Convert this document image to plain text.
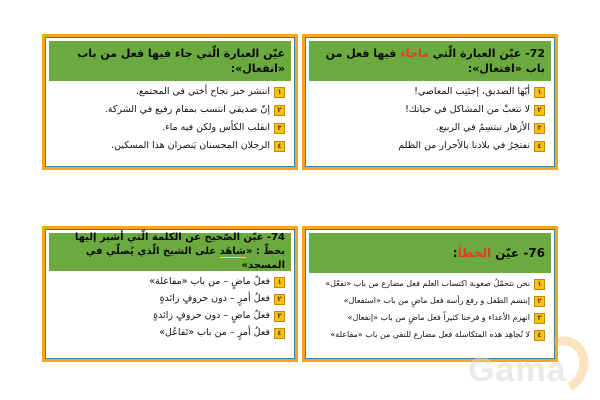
72- عيّن العبارة الّتي ماجاء فيها فعل من باب «افتعال»:
١
أيّها الصديق، إجتَنِب المعاصي!
٢
لا تتعبْ من المشاكل في حياتك!
٣
الأزهار تبتسِمُ في الربيع.
٤
نفتخِرُ في بلادنا بالأحرار من الظلم
عيّن العبارة الّتي جاء فيها فعل من باب «انفعال»:
١
انتشر خبر نجاح أختي في المجتمع.
٢
إنّ صديقي انتسب بمقام رفيع في الشركة.
٣
انقلب الكأس ولكن فيه ماء.
٤
الرجلان المحسنان يَنصران هذا المسكين.
76- عيّن الخطأ:
١
نحن نتحمّلُ صعوبة اكتساب العلم فعل مضارع من باب «تفعّل»
٢
إبتسم الطفل و رفع رأسه فعل ماضٍ من باب «استفعال»
٣
انهزم الأعداء و فرحنا كثيراً فعل ماضٍ من باب «إنفعال»
٤
لا تُجاهِد هذه المتكاسلة فعل مضارع للنفي من باب «مفاعلة»
74- عيّن الصّحيح عن الكلمة الّتي أشير إليها بخطّ : «شاهَد على الشيخ الّذي يُصلّي في المسجد»
١
فعلٌ ماضٍ – من باب «مفاعلة»
٢
فعلُ أمرٍ – دون حروفٍ زائدةٍ
٣
فعلٌ ماضٍ – دون حروفٍ زائدةٍ
٤
فعلُ أمرٍ – من باب «تَفاعُل»
Gama
